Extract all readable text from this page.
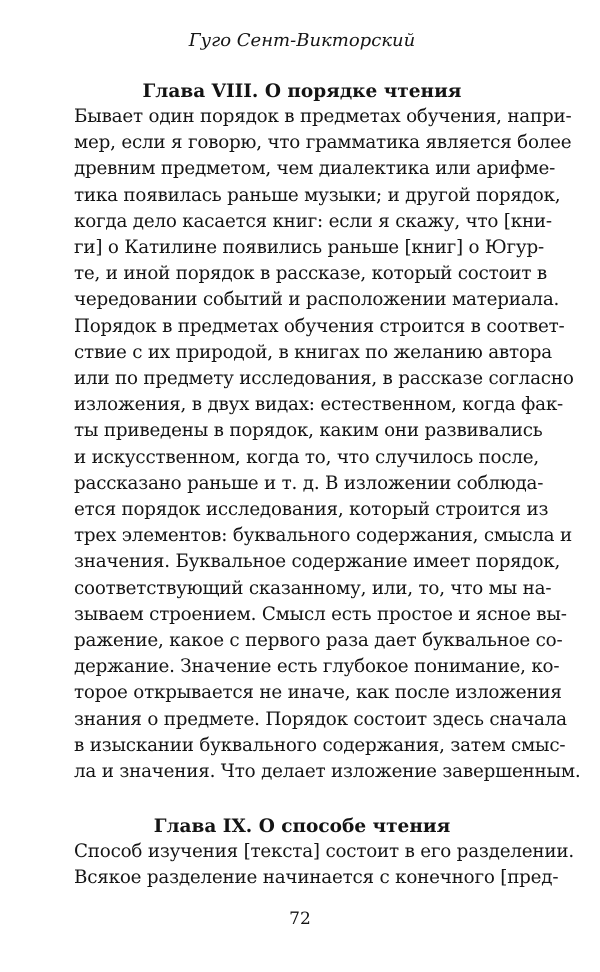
Гуго Сент-Викторский
Глава VIII. О порядке чтения
Бывает один порядок в предметах обучения, напри-
мер, если я говорю, что грамматика является более
древним предметом, чем диалектика или арифме-
тика появилась раньше музыки; и другой порядок,
когда дело касается книг: если я скажу, что [кни-
ги] о Катилине появились раньше [книг] о Югур-
те, и иной порядок в рассказе, который состоит в
чередовании событий и расположении материала.
Порядок в предметах обучения строится в соответ-
ствие с их природой, в книгах по желанию автора
или по предмету исследования, в рассказе согласно
изложения, в двух видах: естественном, когда фак-
ты приведены в порядок, каким они развивались
и искусственном, когда то, что случилось после,
рассказано раньше и т. д. В изложении соблюда-
ется порядок исследования, который строится из
трех элементов: буквального содержания, смысла и
значения. Буквальное содержание имеет порядок,
соответствующий сказанному, или, то, что мы на-
зываем строением. Смысл есть простое и ясное вы-
ражение, какое с первого раза дает буквальное со-
держание. Значение есть глубокое понимание, ко-
торое открывается не иначе, как после изложения
знания о предмете. Порядок состоит здесь сначала
в изыскании буквального содержания, затем смыс-
ла и значения. Что делает изложение завершенным.
Глава IX. О способе чтения
Способ изучения [текста] состоит в его разделении.
Всякое разделение начинается с конечного [пред-
72
